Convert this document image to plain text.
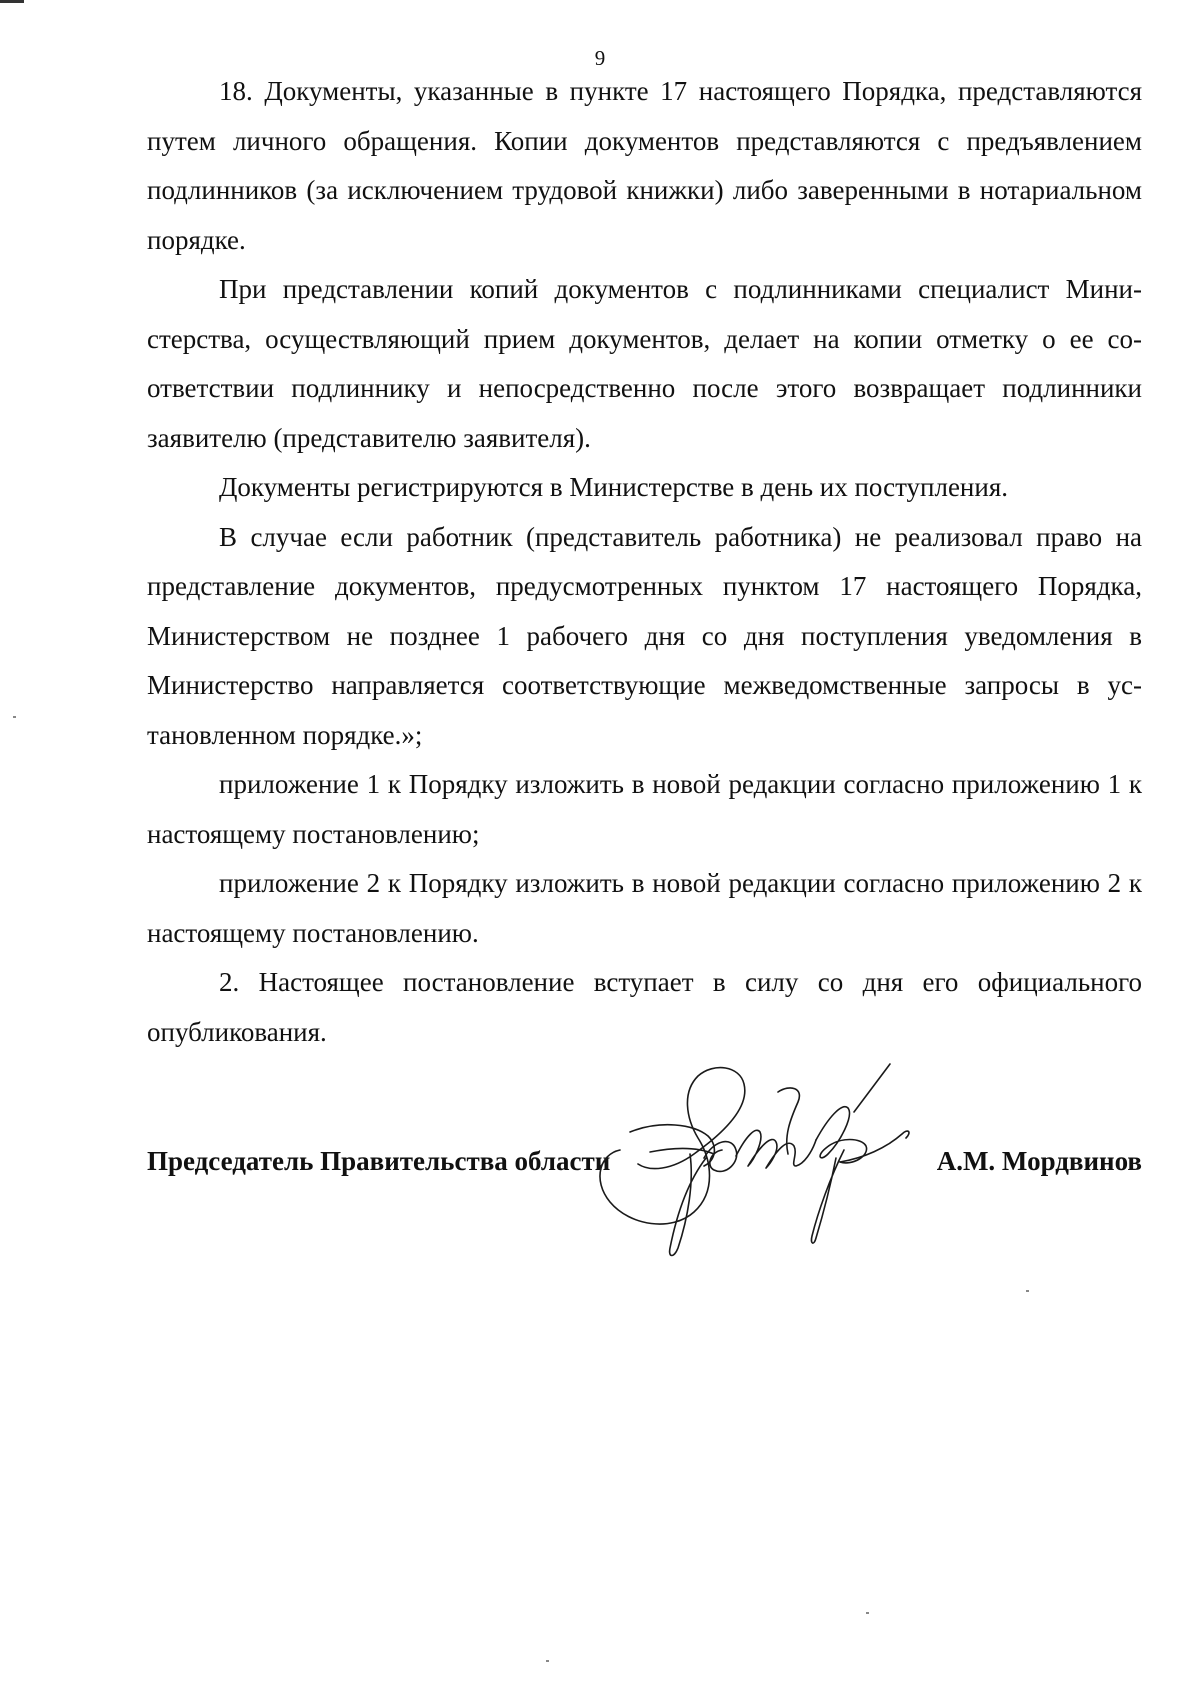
9

18. Документы, указанные в пункте 17 настоящего Порядка, представляются путем личного обращения. Копии документов представляются с предъявлением подлинников (за исключением трудовой книжки) либо заверенными в нотариальном порядке.

При представлении копий документов с подлинниками специалист Министерства, осуществляющий прием документов, делает на копии отметку о ее соответствии подлиннику и непосредственно после этого возвращает подлинники заявителю (представителю заявителя).

Документы регистрируются в Министерстве в день их поступления.

В случае если работник (представитель работника) не реализовал право на представление документов, предусмотренных пунктом 17 настоящего Порядка, Министерством не позднее 1 рабочего дня со дня поступления уведомления в Министерство направляется соответствующие межведомственные запросы в установленном порядке.»;

приложение 1 к Порядку изложить в новой редакции согласно приложению 1 к настоящему постановлению;

приложение 2 к Порядку изложить в новой редакции согласно приложению 2 к настоящему постановлению.

2. Настоящее постановление вступает в силу со дня его официального опубликования.

Председатель Правительства области	А.М. Мордвинов
